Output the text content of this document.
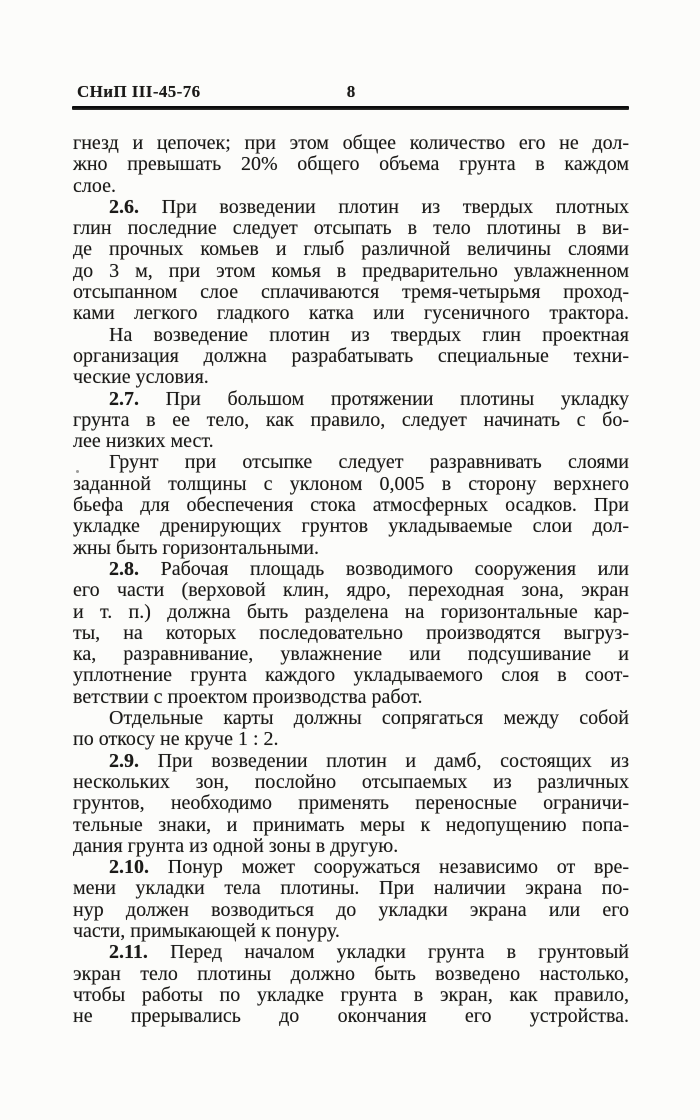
СНиП III-45-76	8
гнезд и цепочек; при этом общее количество его не дол-
жно превышать 20% общего объема грунта в каждом
слое.
2.6. При возведении плотин из твердых плотных
глин последние следует отсыпать в тело плотины в ви-
де прочных комьев и глыб различной величины слоями
до 3 м, при этом комья в предварительно увлажненном
отсыпанном слое сплачиваются тремя-четырьмя проход-
ками легкого гладкого катка или гусеничного трактора.
На возведение плотин из твердых глин проектная
организация должна разрабатывать специальные техни-
ческие условия.
2.7. При большом протяжении плотины укладку
грунта в ее тело, как правило, следует начинать с бо-
лее низких мест.
Грунт при отсыпке следует разравнивать слоями
заданной толщины с уклоном 0,005 в сторону верхнего
бьефа для обеспечения стока атмосферных осадков. При
укладке дренирующих грунтов укладываемые слои дол-
жны быть горизонтальными.
2.8. Рабочая площадь возводимого сооружения или
его части (верховой клин, ядро, переходная зона, экран
и т. п.) должна быть разделена на горизонтальные кар-
ты, на которых последовательно производятся выгруз-
ка, разравнивание, увлажнение или подсушивание и
уплотнение грунта каждого укладываемого слоя в соот-
ветствии с проектом производства работ.
Отдельные карты должны сопрягаться между собой
по откосу не круче 1 : 2.
2.9. При возведении плотин и дамб, состоящих из
нескольких зон, послойно отсыпаемых из различных
грунтов, необходимо применять переносные ограничи-
тельные знаки, и принимать меры к недопущению попа-
дания грунта из одной зоны в другую.
2.10. Понур может сооружаться независимо от вре-
мени укладки тела плотины. При наличии экрана по-
нур должен возводиться до укладки экрана или его
части, примыкающей к понуру.
2.11. Перед началом укладки грунта в грунтовый
экран тело плотины должно быть возведено настолько,
чтобы работы по укладке грунта в экран, как правило,
не прерывались до окончания его устройства.
